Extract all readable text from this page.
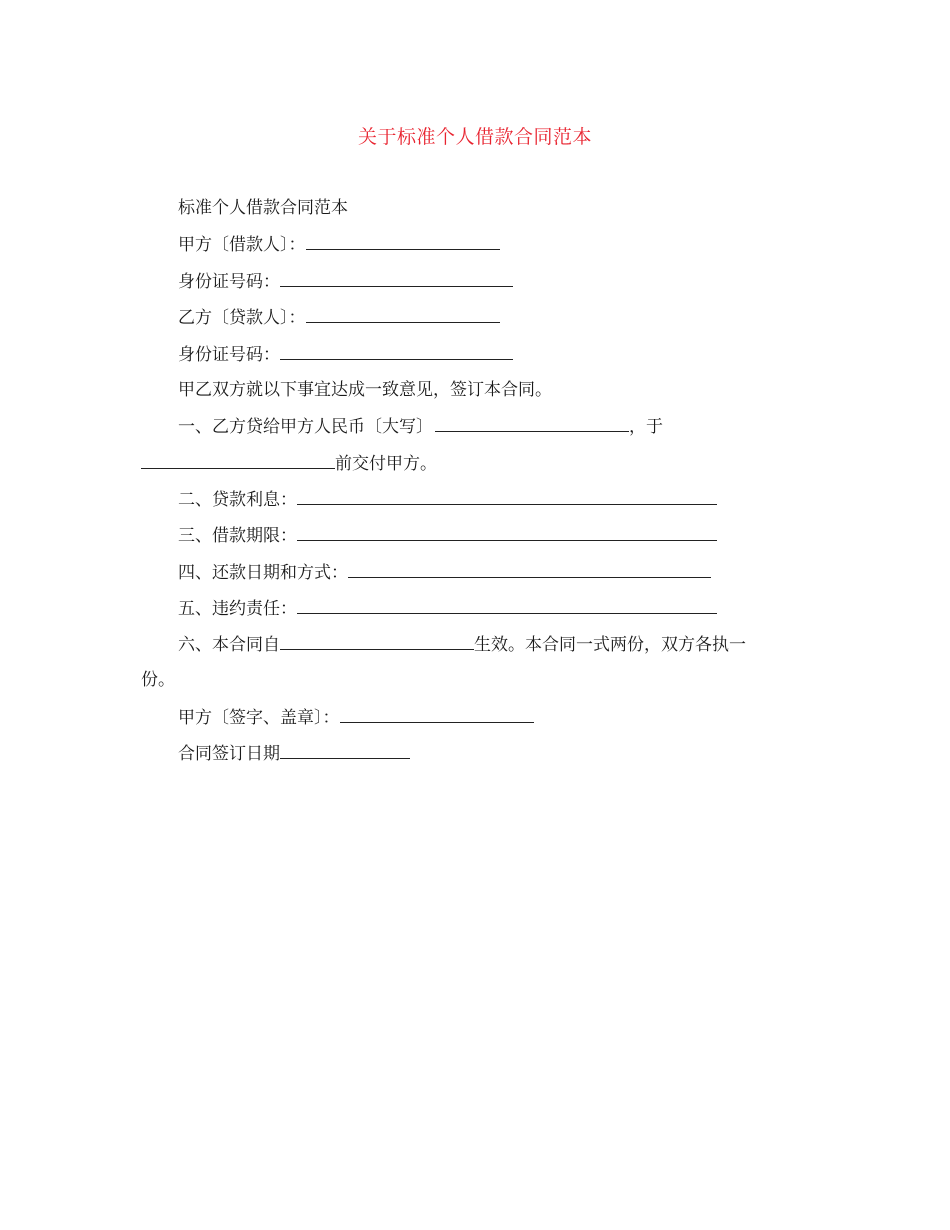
关于标准个人借款合同范本
标准个人借款合同范本
甲方〔借款人〕：
身份证号码：
乙方〔贷款人〕：
身份证号码：
甲乙双方就以下事宜达成一致意见，签订本合同。
一、乙方贷给甲方人民币〔大写〕	，于
前交付甲方。
二、贷款利息：
三、借款期限：
四、还款日期和方式：
五、违约责任：
六、本合同自	生效。本合同一式两份，双方各执一
份。
甲方〔签字、盖章〕：
合同签订日期
